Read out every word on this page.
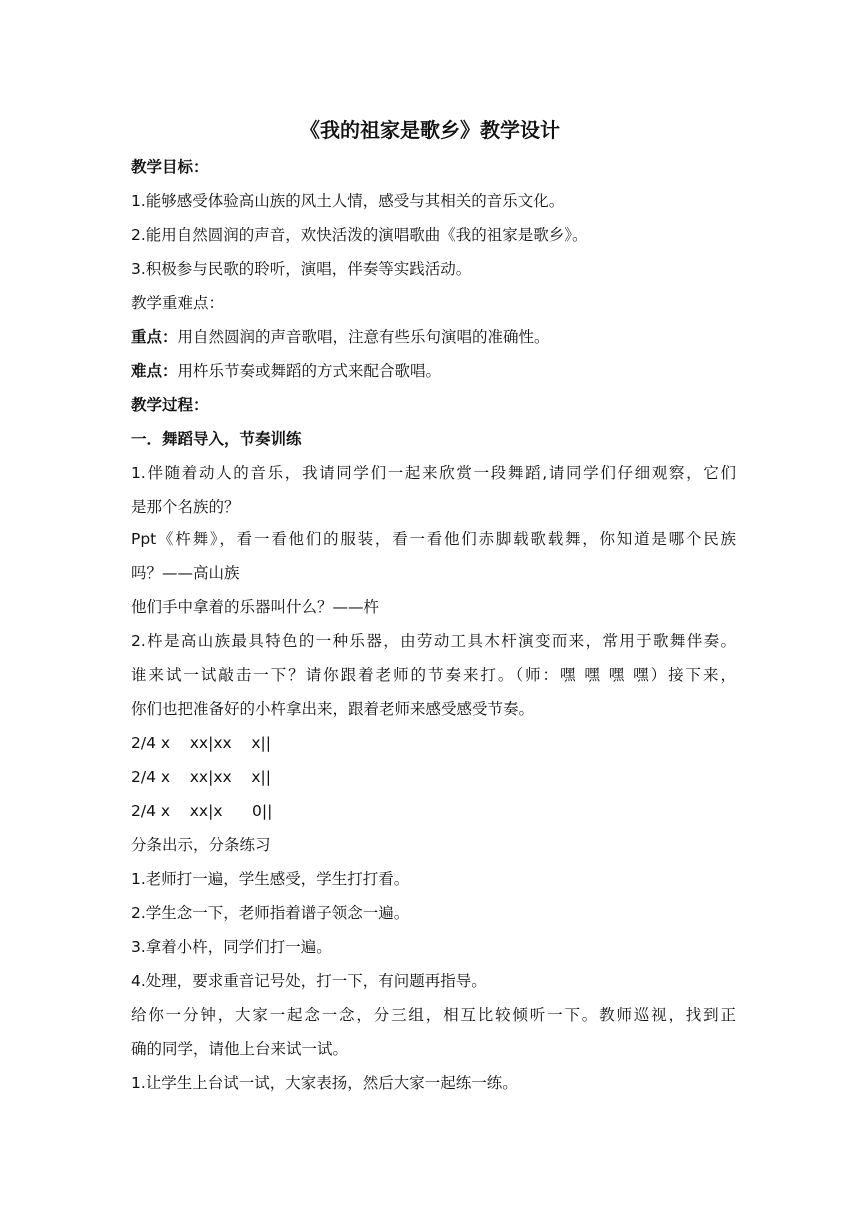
《我的祖家是歌乡》教学设计
教学目标：
1.能够感受体验高山族的风土人情，感受与其相关的音乐文化。
2.能用自然圆润的声音，欢快活泼的演唱歌曲《我的祖家是歌乡》。
3.积极参与民歌的聆听，演唱，伴奏等实践活动。
教学重难点：
重点：用自然圆润的声音歌唱，注意有些乐句演唱的准确性。
难点：用杵乐节奏或舞蹈的方式来配合歌唱。
教学过程：
一．舞蹈导入，节奏训练
1.伴随着动人的音乐，我请同学们一起来欣赏一段舞蹈,请同学们仔细观察，它们
是那个名族的？
Ppt《杵舞》，看一看他们的服装，看一看他们赤脚载歌载舞，你知道是哪个民族
吗？——高山族
他们手中拿着的乐器叫什么？——杵
2.杵是高山族最具特色的一种乐器，由劳动工具木杆演变而来，常用于歌舞伴奏。
谁来试一试敲击一下？请你跟着老师的节奏来打。（师：嘿 嘿 嘿 嘿）接下来，
你们也把准备好的小杵拿出来，跟着老师来感受感受节奏。
2/4 x    xx|xx    x||
2/4 x    xx|xx    x||
2/4 x    xx|x      0||
分条出示，分条练习
1.老师打一遍，学生感受，学生打打看。
2.学生念一下，老师指着谱子领念一遍。
3.拿着小杵，同学们打一遍。
4.处理，要求重音记号处，打一下，有问题再指导。
给你一分钟，大家一起念一念，分三组，相互比较倾听一下。教师巡视，找到正
确的同学，请他上台来试一试。
1.让学生上台试一试，大家表扬，然后大家一起练一练。
